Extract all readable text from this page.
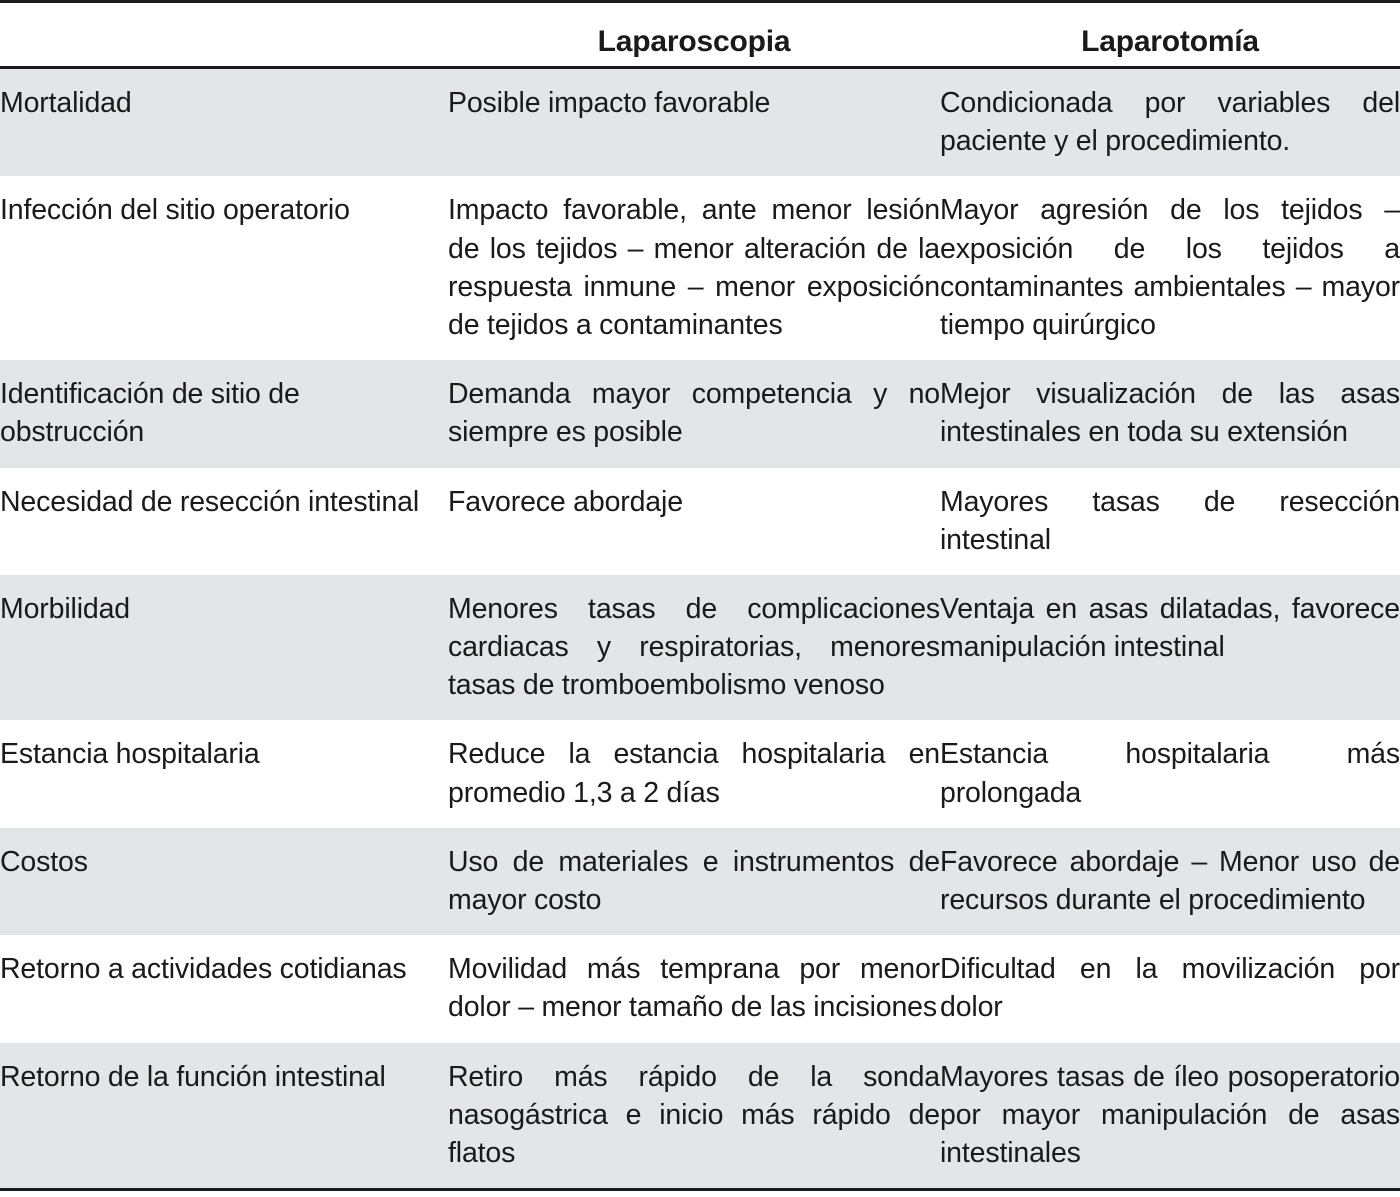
	Laparoscopia	Laparotomía
Mortalidad	Posible impacto favorable	Condicionada por variables del paciente y el procedimiento.

Infección del sitio operatorio	Impacto favorable, ante menor lesión de los tejidos – menor alteración de la respuesta inmune – menor exposición de tejidos a contaminantes	Mayor agresión de los tejidos – exposición de los tejidos a contaminantes ambientales – mayor tiempo quirúrgico

Identificación de sitio de obstrucción	Demanda mayor competencia y no siempre es posible	Mejor visualización de las asas intestinales en toda su extensión

Necesidad de resección intestinal	Favorece abordaje	Mayores tasas de resección intestinal

Morbilidad	Menores tasas de complicaciones cardiacas y respiratorias, menores tasas de tromboembolismo venoso	Ventaja en asas dilatadas, favorece manipulación intestinal

Estancia hospitalaria	Reduce la estancia hospitalaria en promedio 1,3 a 2 días	Estancia hospitalaria más prolongada

Costos	Uso de materiales e instrumentos de mayor costo	Favorece abordaje – Menor uso de recursos durante el procedimiento

Retorno a actividades cotidianas	Movilidad más temprana por menor dolor – menor tamaño de las incisiones	Dificultad en la movilización por dolor

Retorno de la función intestinal	Retiro más rápido de la sonda nasogástrica e inicio más rápido de flatos	Mayores tasas de íleo posoperatorio por mayor manipulación de asas intestinales
